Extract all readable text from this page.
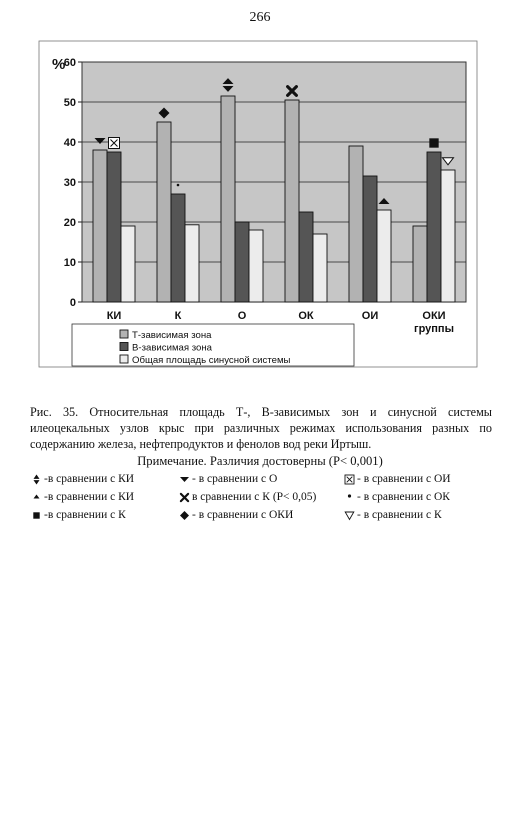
266
0
10
20
30
40
50
60
%
КИ	К	О	ОК	ОИ	ОКИ
группы
Т-зависимая зона
В-зависимая зона
Общая площадь синусной системы
Рис. 35. Относительная площадь Т-, В-зависимых зон и синусной системы илеоцекальных узлов крыс при различных режимах использования разных по содержанию железа, нефтепродуктов и фенолов вод реки Иртыш.
Примечание. Различия достоверны (P< 0,001)
-в сравнении с КИ	- в сравнении с О	- в сравнении с ОИ
-в сравнении с КИ	в сравнении с К (P< 0,05)	- в сравнении с ОК
-в сравнении с К	- в сравнении с ОКИ	- в сравнении с К
